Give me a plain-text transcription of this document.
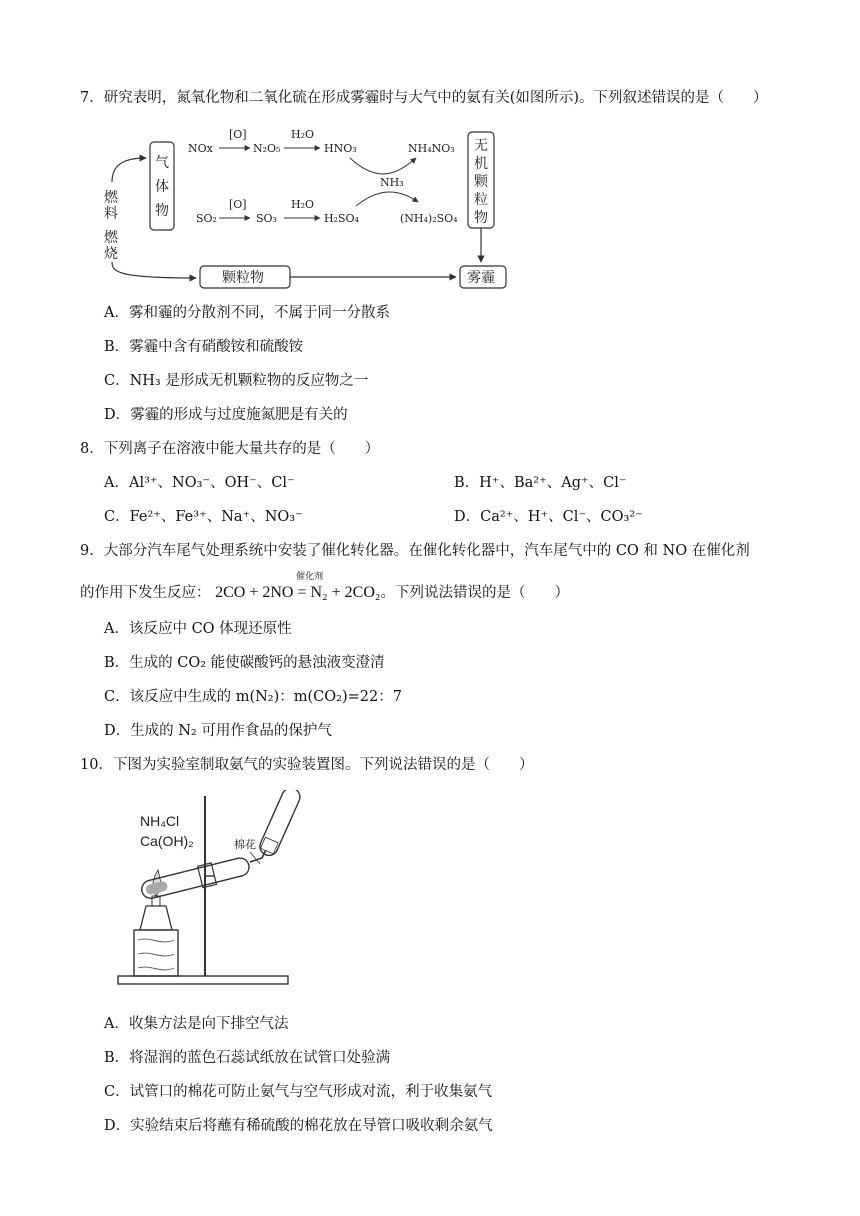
7．研究表明，氮氧化物和二氧化硫在形成雾霾时与大气中的氨有关(如图所示)。下列叙述错误的是（　　）
燃
料
燃
烧
气
体
物
NOx
[O]
N₂O₅
H₂O
HNO₃	NH₄NO₃
NH₃
SO₂
[O]
SO₃
H₂O
H₂SO₄	(NH₄)₂SO₄
无
机
颗
粒
物
颗粒物	雾霾
A．雾和霾的分散剂不同，不属于同一分散系
B．雾霾中含有硝酸铵和硫酸铵
C．NH₃ 是形成无机颗粒物的反应物之一
D．雾霾的形成与过度施氮肥是有关的
8．下列离子在溶液中能大量共存的是（　　）
A．Al³⁺、NO₃⁻、OH⁻、Cl⁻	B．H⁺、Ba²⁺、Ag⁺、Cl⁻
C．Fe²⁺、Fe³⁺、Na⁺、NO₃⁻	D．Ca²⁺、H⁺、Cl⁻、CO₃²⁻
9．大部分汽车尾气处理系统中安装了催化转化器。在催化转化器中，汽车尾气中的 CO 和 NO 在催化剂
的作用下发生反应：
催化剂
2CO + 2NO = N₂ + 2CO₂。下列说法错误的是（　　）
A．该反应中 CO 体现还原性
B．生成的 CO₂ 能使碳酸钙的悬浊液变澄清
C．该反应中生成的 m(N₂)：m(CO₂)=22：7
D．生成的 N₂ 可用作食品的保护气
10．下图为实验室制取氨气的实验装置图。下列说法错误的是（　　）
NH₄Cl
Ca(OH)₂	棉花
A．收集方法是向下排空气法
B．将湿润的蓝色石蕊试纸放在试管口处验满
C．试管口的棉花可防止氨气与空气形成对流，利于收集氨气
D．实验结束后将蘸有稀硫酸的棉花放在导管口吸收剩余氨气
